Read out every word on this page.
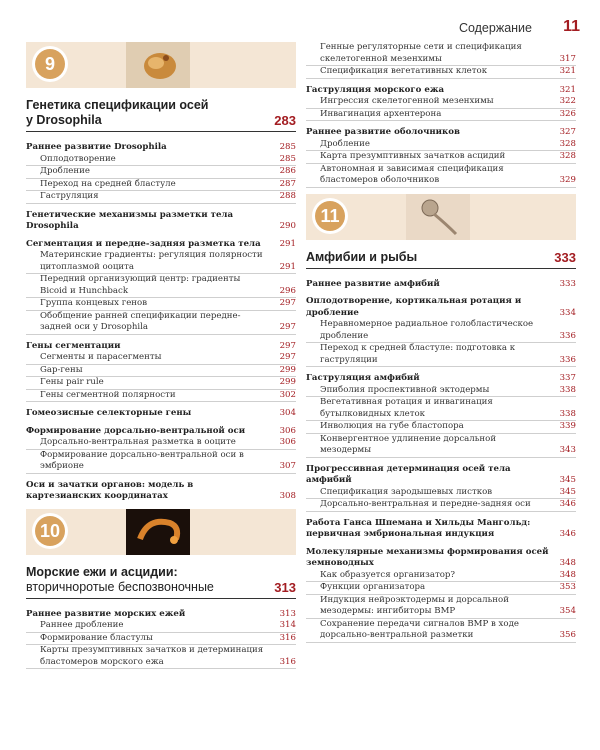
Содержание 11
9
Генетика спецификации осей
у Drosophila	283
Раннее развитие Drosophila	285
Оплодотворение	285
Дробление	286
Переход на средней бластуле	287
Гаструляция	288
Генетические механизмы разметки тела Drosophila	290
Сегментация и передне-задняя разметка тела	291
Материнские градиенты: регуляция полярности цитоплазмой ооцита	291
Передний организующий центр: градиенты Bicoid и Hunchback	296
Группа концевых генов	297
Обобщение ранней спецификации передне-задней оси у Drosophila	297
Гены сегментации	297
Сегменты и парасегменты	297
Gap-гены	299
Гены pair rule	299
Гены сегментной полярности	302
Гомеозисные селекторные гены	304
Формирование дорсально-вентральной оси	306
Дорсально-вентральная разметка в ооците	306
Формирование дорсально-вентральной оси в эмбрионе	307
Оси и зачатки органов: модель в картезианских координатах	308
10
Морские ежи и асцидии:
вторичноротые беспозвоночные	313
Раннее развитие морских ежей	313
Раннее дробление	314
Формирование бластулы	316
Карты презумптивных зачатков и детерминация бластомеров морского ежа	316
Генные регуляторные сети и спецификация скелетогенной мезенхимы	317
Спецификация вегетативных клеток	321
Гаструляция морского ежа	321
Ингрессия скелетогенной мезенхимы	322
Инвагинация архентерона	326
Раннее развитие оболочников	327
Дробление	328
Карта презумптивных зачатков асцидий	328
Автономная и зависимая спецификация бластомеров оболочников	329
11
Амфибии и рыбы	333
Раннее развитие амфибий	333
Оплодотворение, кортикальная ротация и дробление	334
Неравномерное радиальное голобластическое дробление	336
Переход к средней бластуле: подготовка к гаструляции	336
Гаструляция амфибий	337
Эпиболия проспективной эктодермы	338
Вегетативная ротация и инвагинация бутылковидных клеток	338
Инволюция на губе бластопора	339
Конвергентное удлинение дорсальной мезодермы	343
Прогрессивная детерминация осей тела амфибий	345
Спецификация зародышевых листков	345
Дорсально-вентральная и передне-задняя оси	346
Работа Ганса Шпемана и Хильды Мангольд: первичная эмбриональная индукция	346
Молекулярные механизмы формирования осей земноводных	348
Как образуется организатор?	348
Функции организатора	353
Индукция нейроэктодермы и дорсальной мезодермы: ингибиторы BMP	354
Сохранение передачи сигналов BMP в ходе дорсально-вентральной разметки	356
